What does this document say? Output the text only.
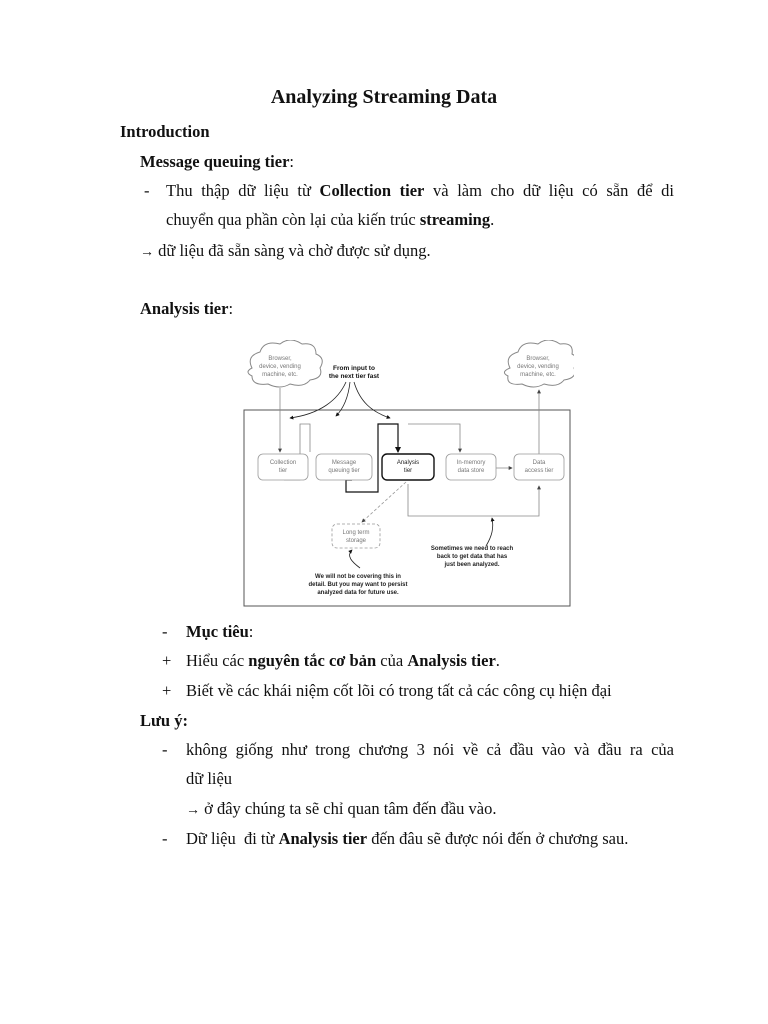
Analyzing Streaming Data
Introduction
Message queuing tier:
- Thu thập dữ liệu từ Collection tier và làm cho dữ liệu có sẵn để di
chuyển qua phần còn lại của kiến trúc streaming.
→ dữ liệu đã sẵn sàng và chờ được sử dụng.
Analysis tier:
Browser,
device, vending
machine, etc.
Browser,
device, vending
machine, etc.
From input to
the next tier fast
Collection
tier
Message
queuing tier
Analysis
tier
In-memory
data store
Data
access tier
Long term
storage
Sometimes we need to reach
back to get data that has
just been analyzed.
We will not be covering this in
detail. But you may want to persist
analyzed data for future use.
- Mục tiêu:
+ Hiểu các nguyên tắc cơ bản của Analysis tier.
+ Biết về các khái niệm cốt lõi có trong tất cả các công cụ hiện đại
Lưu ý:
- không giống như trong chương 3 nói về cả đầu vào và đầu ra của
dữ liệu
→ ở đây chúng ta sẽ chỉ quan tâm đến đầu vào.
- Dữ liệu  đi từ Analysis tier đến đâu sẽ được nói đến ở chương sau.
